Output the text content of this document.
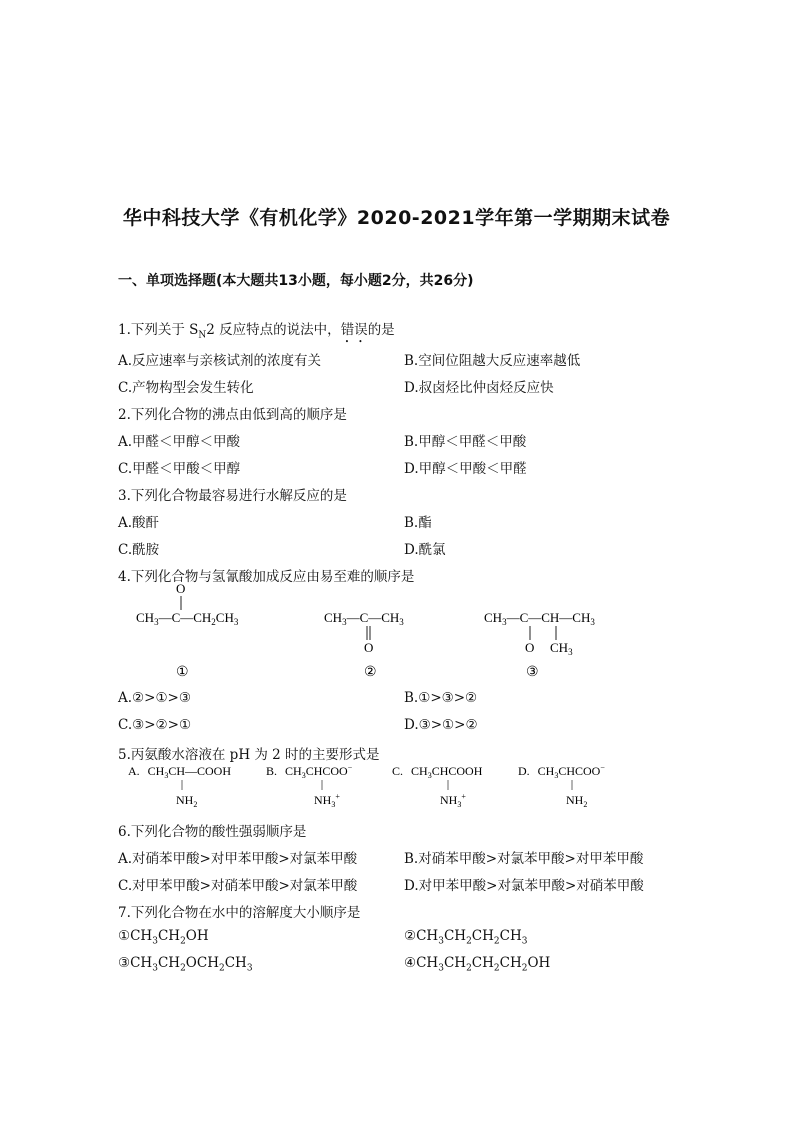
华中科技大学《有机化学》2020-2021学年第一学期期末试卷
一、单项选择题(本大题共13小题，每小题2分，共26分)
1.下列关于 $S_N2$ 反应特点的说法中，错误的是
A.反应速率与亲核试剂的浓度有关	B.空间位阻越大反应速率越低
C.产物构型会发生转化	D.叔卤烃比仲卤烃反应快
2.下列化合物的沸点由低到高的顺序是
A.甲醛＜甲醇＜甲酸	B.甲醇＜甲醛＜甲酸
C.甲醛＜甲酸＜甲醇	D.甲醇＜甲酸＜甲醛
3.下列化合物最容易进行水解反应的是
A.酸酐	B.酯
C.酰胺	D.酰氯
4.下列化合物与氢氰酸加成反应由易至难的顺序是
O
$CH_3—C—CH_2CH_3$
①
$CH_3—C—CH_3$
O
②
$CH_3—C—CH—CH_3$
O $CH_3$
③
A.②>①>③	B.①>③>②
C.③>②>①	D.③>①>②
5.丙氨酸水溶液在 pH 为 2 时的主要形式是
A. $CH_3CH—COOH$
$NH_2$
B. $CH_3CHCOO^-$
$NH_3^+$
C. $CH_3CHCOOH$
$NH_3^+$
D. $CH_3CHCOO^-$
$NH_2$
6.下列化合物的酸性强弱顺序是
A.对硝苯甲酸>对甲苯甲酸>对氯苯甲酸	B.对硝苯甲酸>对氯苯甲酸>对甲苯甲酸
C.对甲苯甲酸>对硝苯甲酸>对氯苯甲酸	D.对甲苯甲酸>对氯苯甲酸>对硝苯甲酸
7.下列化合物在水中的溶解度大小顺序是
$①CH_3CH_2OH$	$②CH_3CH_2CH_2CH_3$
$③CH_3CH_2OCH_2CH_3$	$④CH_3CH_2CH_2CH_2OH$
